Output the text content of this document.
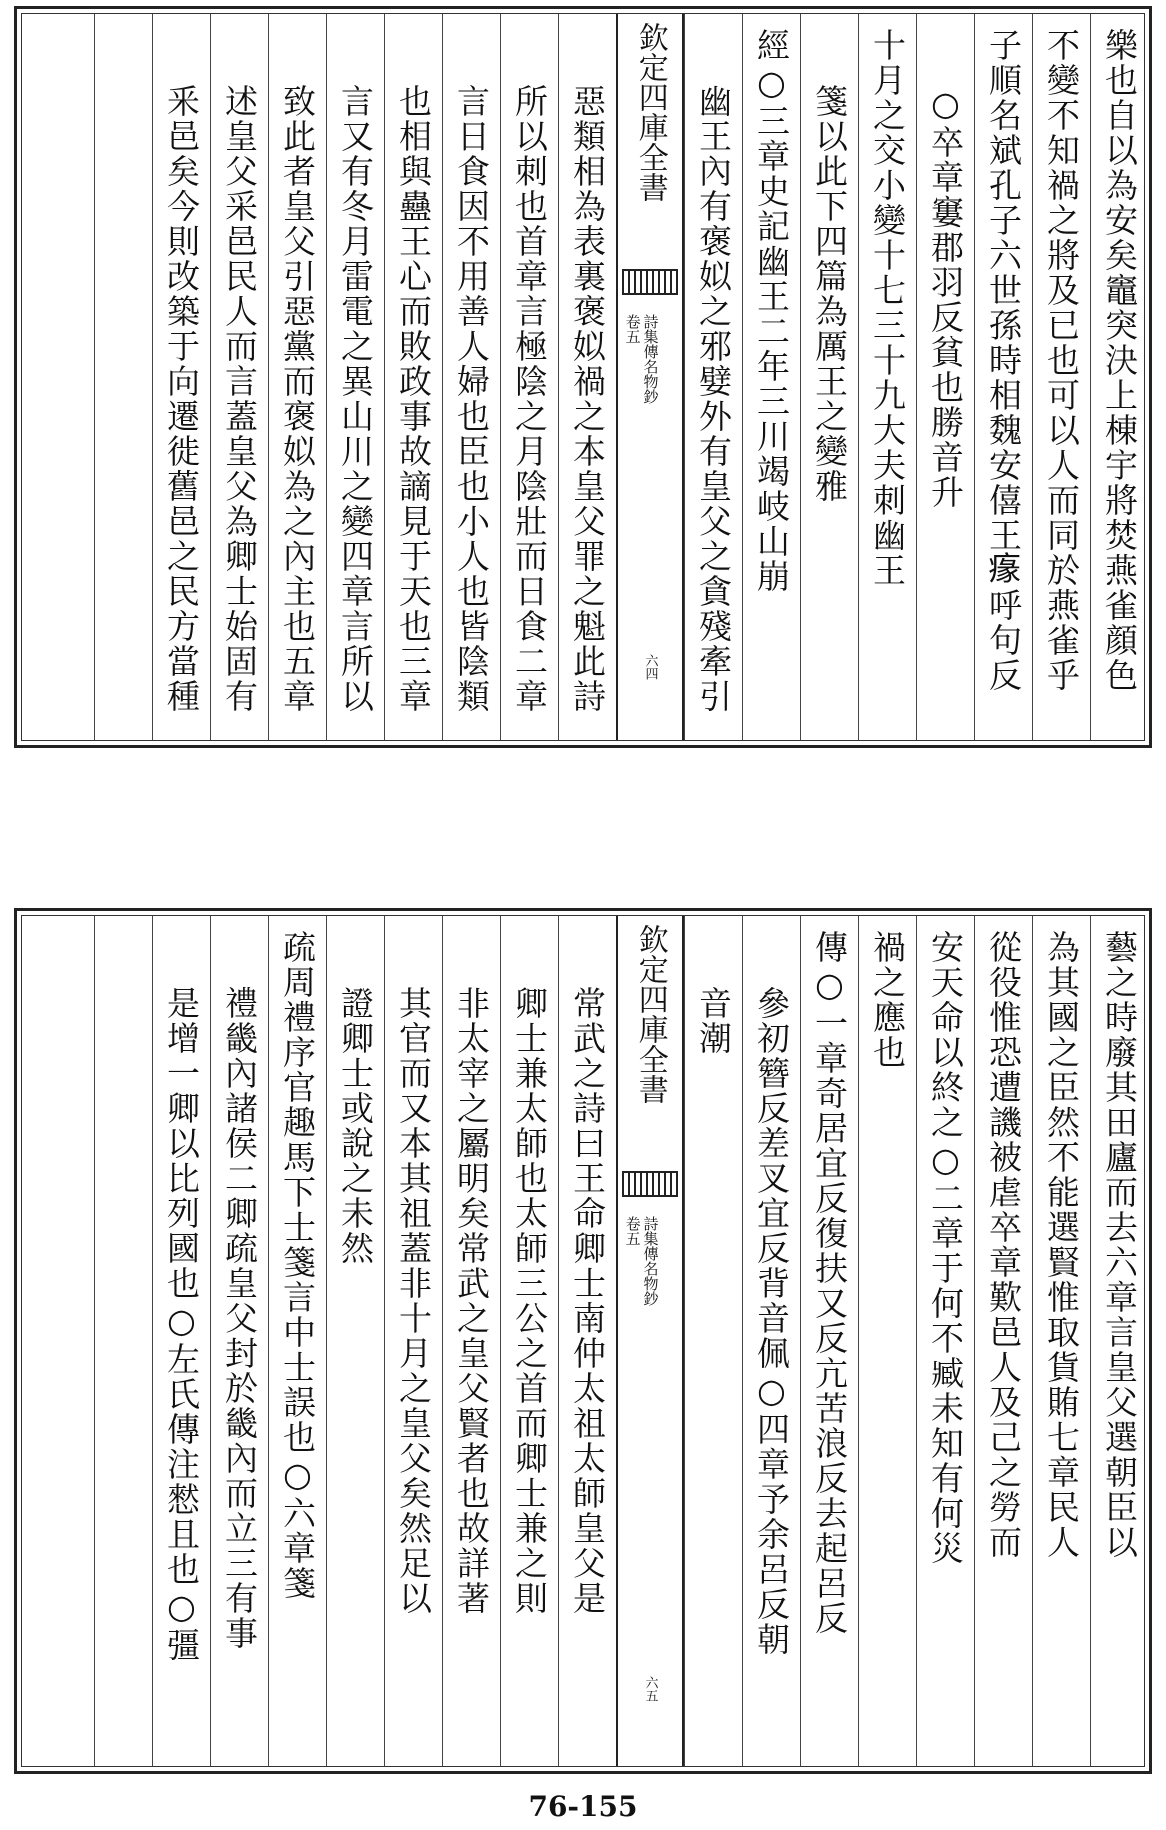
樂也自以為安矣竈突決上棟宇將焚燕雀顔色
不變不知禍之將及已也可以人而同於燕雀乎
子順名斌孔子六世孫時相魏安僖王𤸁呼句反
○卒章窶郡羽反貧也勝音升
十月之交小變十七三十九大夫刺幽王
箋以此下四篇為厲王之變雅
經○三章史記幽王二年三川竭岐山崩
幽王內有褒姒之邪嬖外有皇父之貪殘牽引
欽定四庫全書
詩集傳名物鈔
卷五
六四
惡類相為表裏褒姒禍之本皇父罪之魁此詩
所以刺也首章言極陰之月陰壯而日食二章
言日食因不用善人婦也臣也小人也皆陰類
也相與蠱王心而敗政事故謫見于天也三章
言又有冬月雷電之異山川之變四章言所以
致此者皇父引惡黨而褒姒為之內主也五章
述皇父采邑民人而言蓋皇父為卿士始固有
釆邑矣今則改築于向遷徙舊邑之民方當種
藝之時廢其田廬而去六章言皇父選朝臣以
為其國之臣然不能選賢惟取貨賄七章民人
從役惟恐遭譏被虐卒章歎邑人及己之勞而
安天命以終之○二章于何不臧未知有何災
禍之應也
傳○一章奇居宜反復扶又反亢苦浪反去起呂反
參初簪反差叉宜反背音佩○四章予余呂反朝
音潮
欽定四庫全書
詩集傳名物鈔
卷五
六五
常武之詩曰王命卿士南仲太祖太師皇父是
卿士兼太師也太師三公之首而卿士兼之則
非太宰之屬明矣常武之皇父賢者也故詳著
其官而又本其祖蓋非十月之皇父矣然足以
證卿士或說之未然
疏周禮序官趣馬下士箋言中士誤也○六章箋
禮畿內諸侯二卿疏皇父封於畿內而立三有事
是增一卿以比列國也○左氏傳注憖且也○彊
76-155
